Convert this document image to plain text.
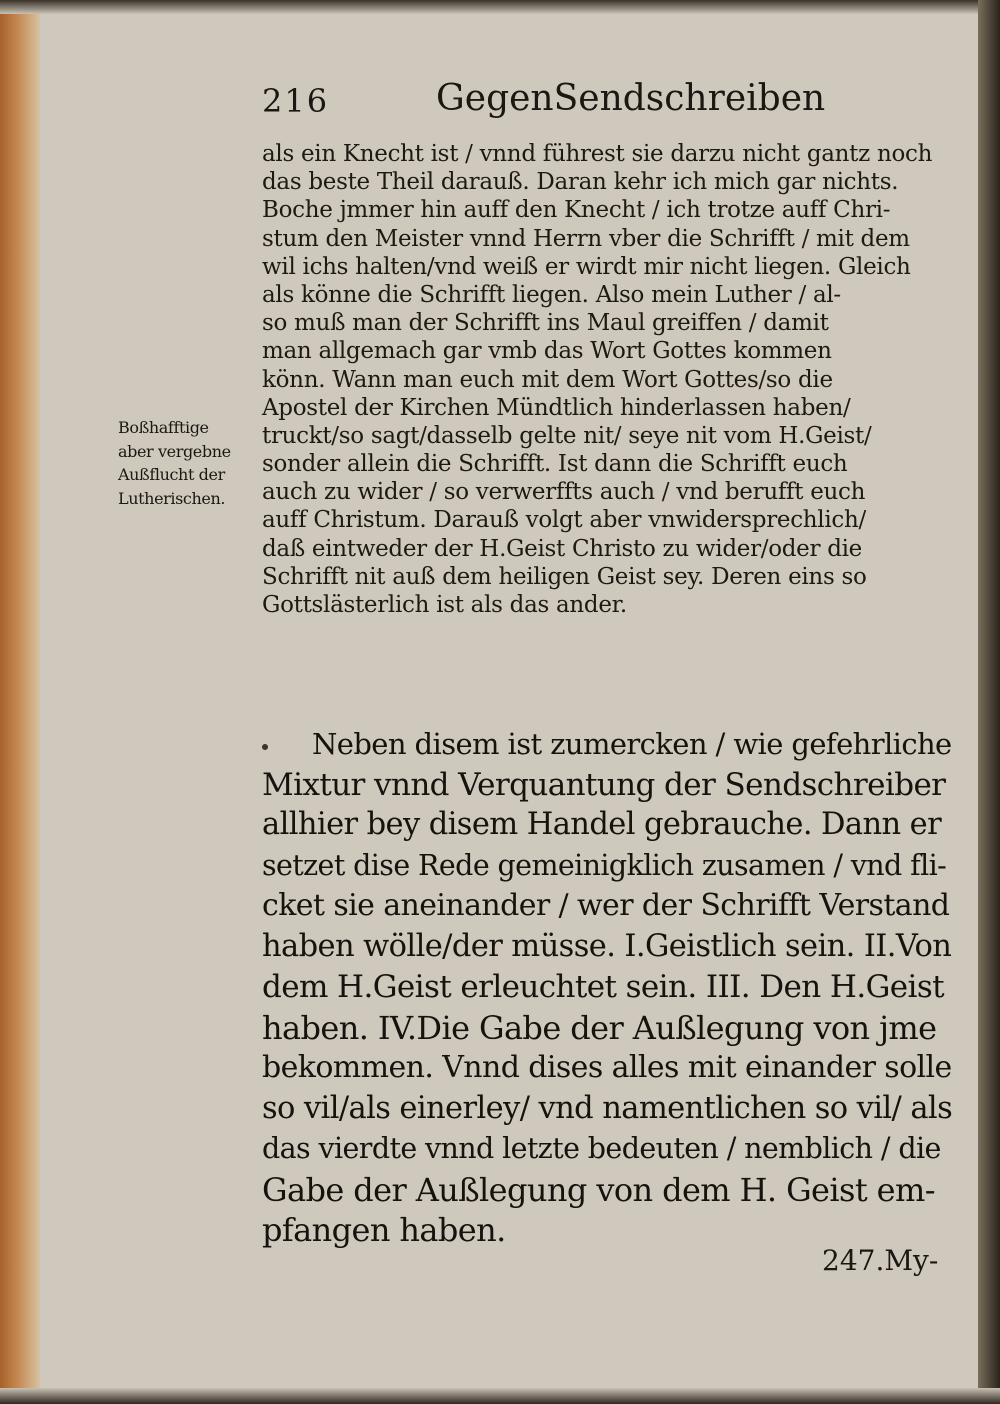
216	GegenSendschreiben
als ein Knecht ist / vnnd führest sie darzu nicht gantz noch
das beste Theil darauß. Daran kehr ich mich gar nichts.
Boche jmmer hin auff den Knecht / ich trotze auff Chri-
stum den Meister vnnd Herrn vber die Schrifft / mit dem
wil ichs halten/vnd weiß er wirdt mir nicht liegen. Gleich
als könne die Schrifft liegen. Also mein Luther / al-
so muß man der Schrifft ins Maul greiffen / damit
man allgemach gar vmb das Wort Gottes kommen
könn. Wann man euch mit dem Wort Gottes/so die
Apostel der Kirchen Mündtlich hinderlassen haben/
truckt/so sagt/dasselb gelte nit/ seye nit vom H.Geist/
sonder allein die Schrifft. Ist dann die Schrifft euch
auch zu wider / so verwerffts auch / vnd berufft euch
auff Christum. Darauß volgt aber vnwidersprechlich/
daß eintweder der H.Geist Christo zu wider/oder die
Schrifft nit auß dem heiligen Geist sey. Deren eins so
Gottslästerlich ist als das ander.
Boßhafftige
aber vergebne
Außflucht der
Lutherischen.
Neben disem ist zumercken / wie gefehrliche
Mixtur vnnd Verquantung der Sendschreiber
allhier bey disem Handel gebrauche. Dann er
setzet dise Rede gemeinigklich zusamen / vnd fli-
cket sie aneinander / wer der Schrifft Verstand
haben wölle/der müsse. I.Geistlich sein. II.Von
dem H.Geist erleuchtet sein. III. Den H.Geist
haben. IV.Die Gabe der Außlegung von jme
bekommen. Vnnd dises alles mit einander solle
so vil/als einerley/ vnd namentlichen so vil/ als
das vierdte vnnd letzte bedeuten / nemblich / die
Gabe der Außlegung von dem H. Geist em-
pfangen haben.
247.My-
